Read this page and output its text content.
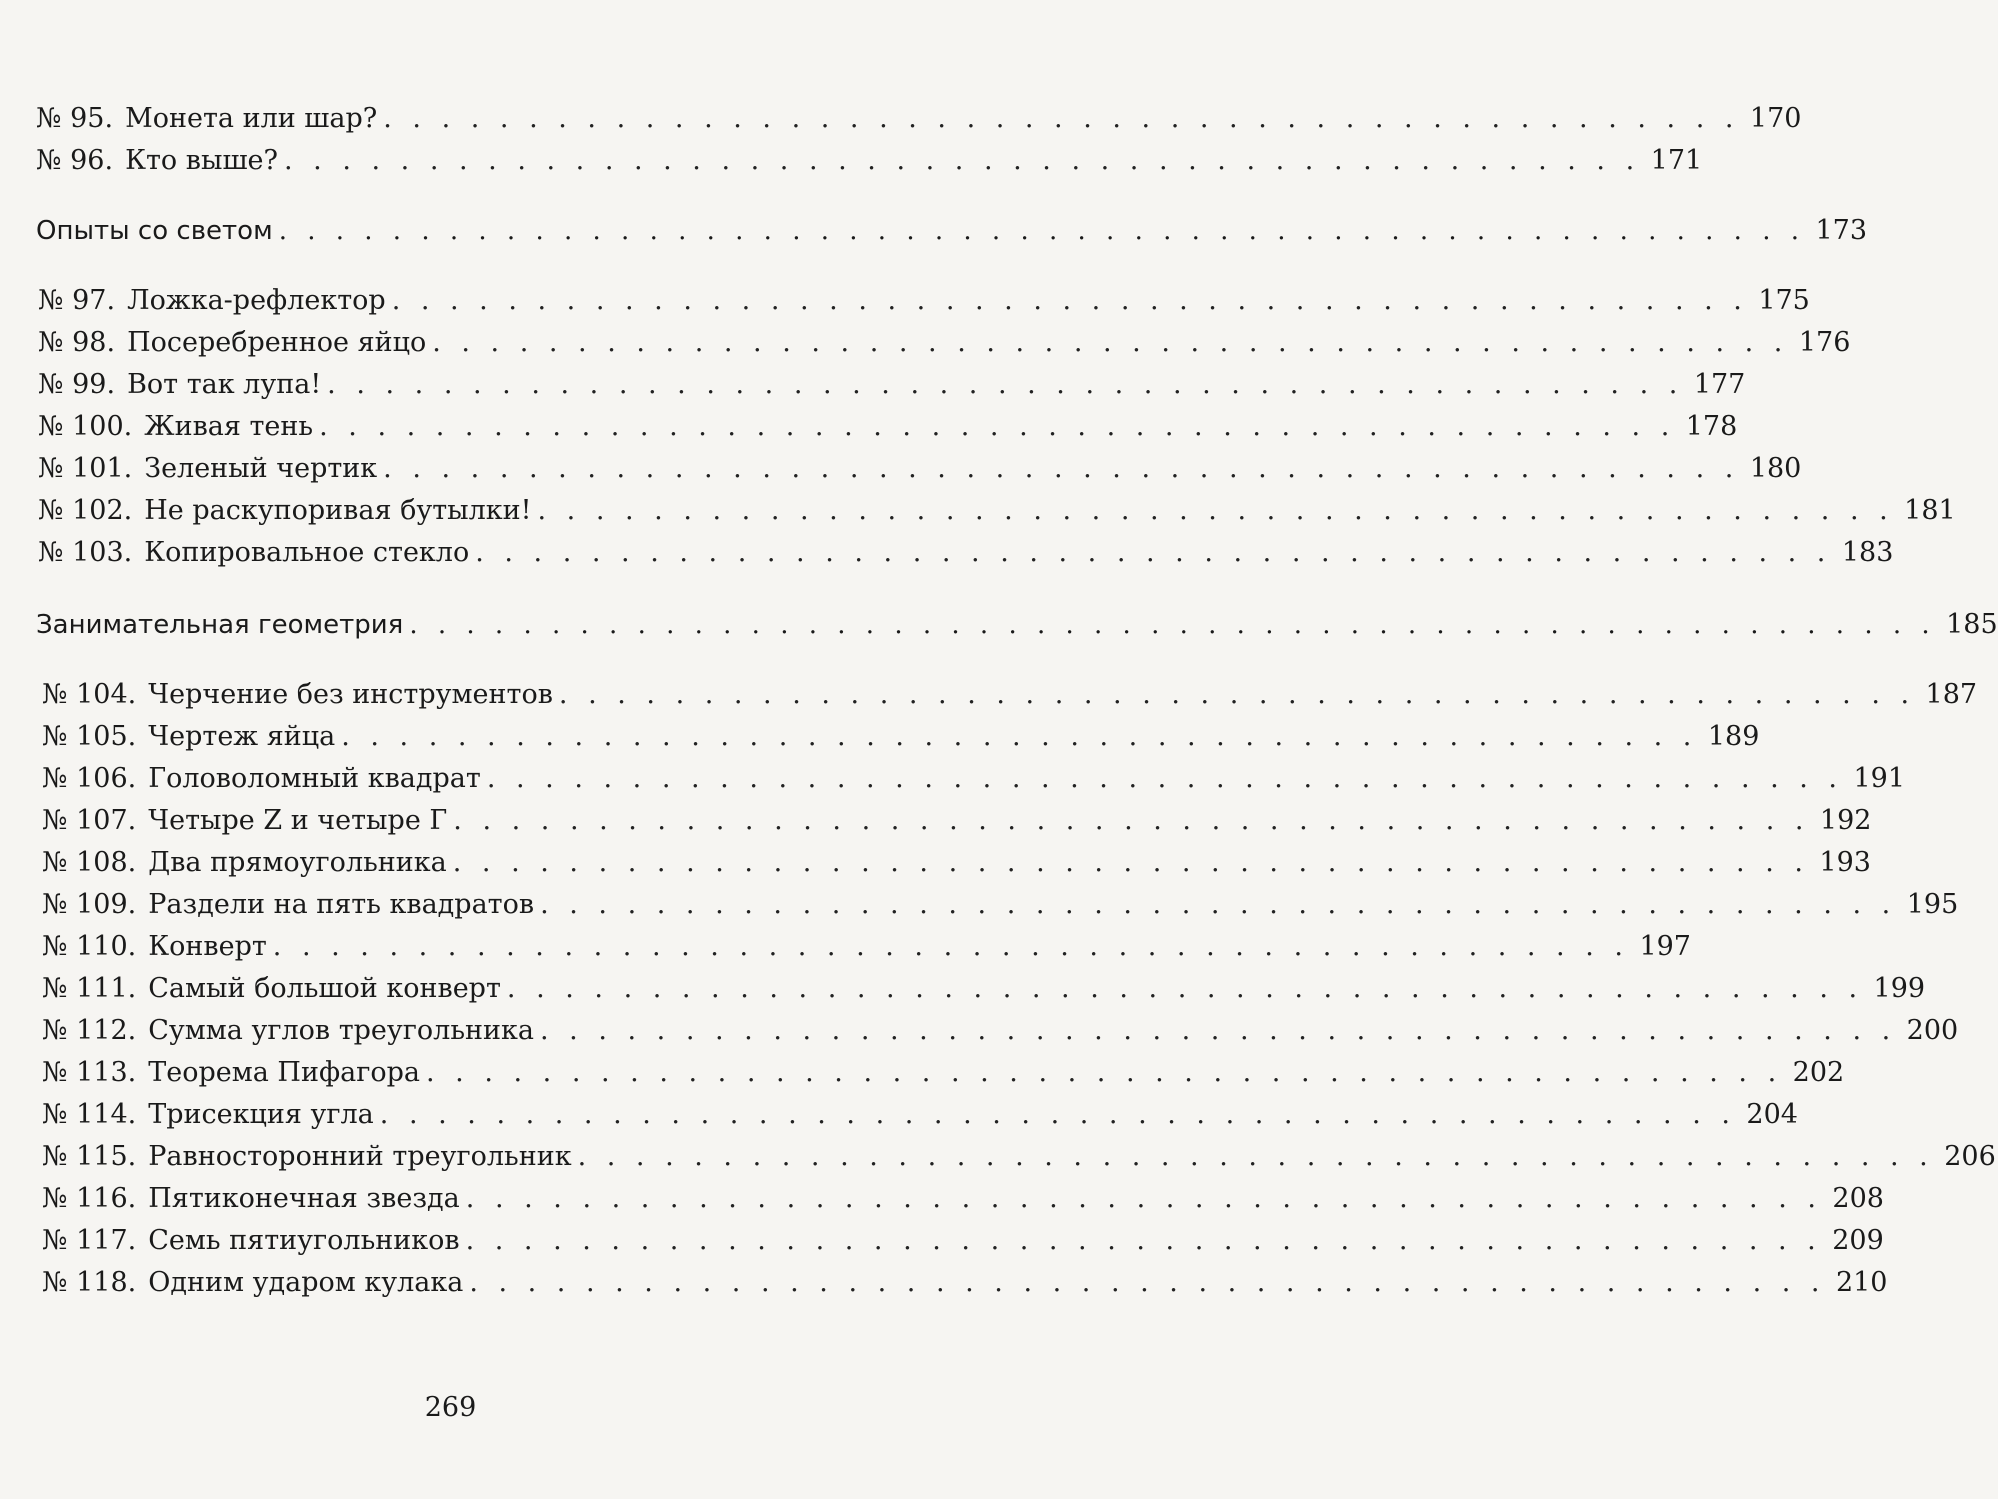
№ 95. Монета или шар? . . . . . . . . . . . . . . . . . . . . . . . . . . . . . . . . . . . . . . . . . . . . . . . 170
№ 96. Кто выше? . . . . . . . . . . . . . . . . . . . . . . . . . . . . . . . . . . . . . . . . . . . . . . . 171
Опыты со светом . . . . . . . . . . . . . . . . . . . . . . . . . . . . . . . . . . . . . . . . . . . . . . . . . . . . . . 173
№ 97. Ложка-рефлектор . . . . . . . . . . . . . . . . . . . . . . . . . . . . . . . . . . . . . . . . . . . . . . . 175
№ 98. Посеребренное яйцо . . . . . . . . . . . . . . . . . . . . . . . . . . . . . . . . . . . . . . . . . . . . . . . 176
№ 99. Вот так лупа! . . . . . . . . . . . . . . . . . . . . . . . . . . . . . . . . . . . . . . . . . . . . . . . 177
№ 100. Живая тень . . . . . . . . . . . . . . . . . . . . . . . . . . . . . . . . . . . . . . . . . . . . . . . 178
№ 101. Зеленый чертик . . . . . . . . . . . . . . . . . . . . . . . . . . . . . . . . . . . . . . . . . . . . . . . 180
№ 102. Не раскупоривая бутылки! . . . . . . . . . . . . . . . . . . . . . . . . . . . . . . . . . . . . . . . . . . . . . . . 181
№ 103. Копировальное стекло . . . . . . . . . . . . . . . . . . . . . . . . . . . . . . . . . . . . . . . . . . . . . . . 183
Занимательная геометрия . . . . . . . . . . . . . . . . . . . . . . . . . . . . . . . . . . . . . . . . . . . . . . . . . . . . . . 185
№ 104. Черчение без инструментов . . . . . . . . . . . . . . . . . . . . . . . . . . . . . . . . . . . . . . . . . . . . . . . 187
№ 105. Чертеж яйца . . . . . . . . . . . . . . . . . . . . . . . . . . . . . . . . . . . . . . . . . . . . . . . 189
№ 106. Головоломный квадрат . . . . . . . . . . . . . . . . . . . . . . . . . . . . . . . . . . . . . . . . . . . . . . . 191
№ 107. Четыре Z и четыре Г . . . . . . . . . . . . . . . . . . . . . . . . . . . . . . . . . . . . . . . . . . . . . . . 192
№ 108. Два прямоугольника . . . . . . . . . . . . . . . . . . . . . . . . . . . . . . . . . . . . . . . . . . . . . . . 193
№ 109. Раздели на пять квадратов . . . . . . . . . . . . . . . . . . . . . . . . . . . . . . . . . . . . . . . . . . . . . . . 195
№ 110. Конверт . . . . . . . . . . . . . . . . . . . . . . . . . . . . . . . . . . . . . . . . . . . . . . . 197
№ 111. Самый большой конверт . . . . . . . . . . . . . . . . . . . . . . . . . . . . . . . . . . . . . . . . . . . . . . . 199
№ 112. Сумма углов треугольника . . . . . . . . . . . . . . . . . . . . . . . . . . . . . . . . . . . . . . . . . . . . . . . 200
№ 113. Теорема Пифагора . . . . . . . . . . . . . . . . . . . . . . . . . . . . . . . . . . . . . . . . . . . . . . . 202
№ 114. Трисекция угла . . . . . . . . . . . . . . . . . . . . . . . . . . . . . . . . . . . . . . . . . . . . . . . 204
№ 115. Равносторонний треугольник . . . . . . . . . . . . . . . . . . . . . . . . . . . . . . . . . . . . . . . . . . . . . . . 206
№ 116. Пятиконечная звезда . . . . . . . . . . . . . . . . . . . . . . . . . . . . . . . . . . . . . . . . . . . . . . . 208
№ 117. Семь пятиугольников . . . . . . . . . . . . . . . . . . . . . . . . . . . . . . . . . . . . . . . . . . . . . . . 209
№ 118. Одним ударом кулака . . . . . . . . . . . . . . . . . . . . . . . . . . . . . . . . . . . . . . . . . . . . . . . 210
269
